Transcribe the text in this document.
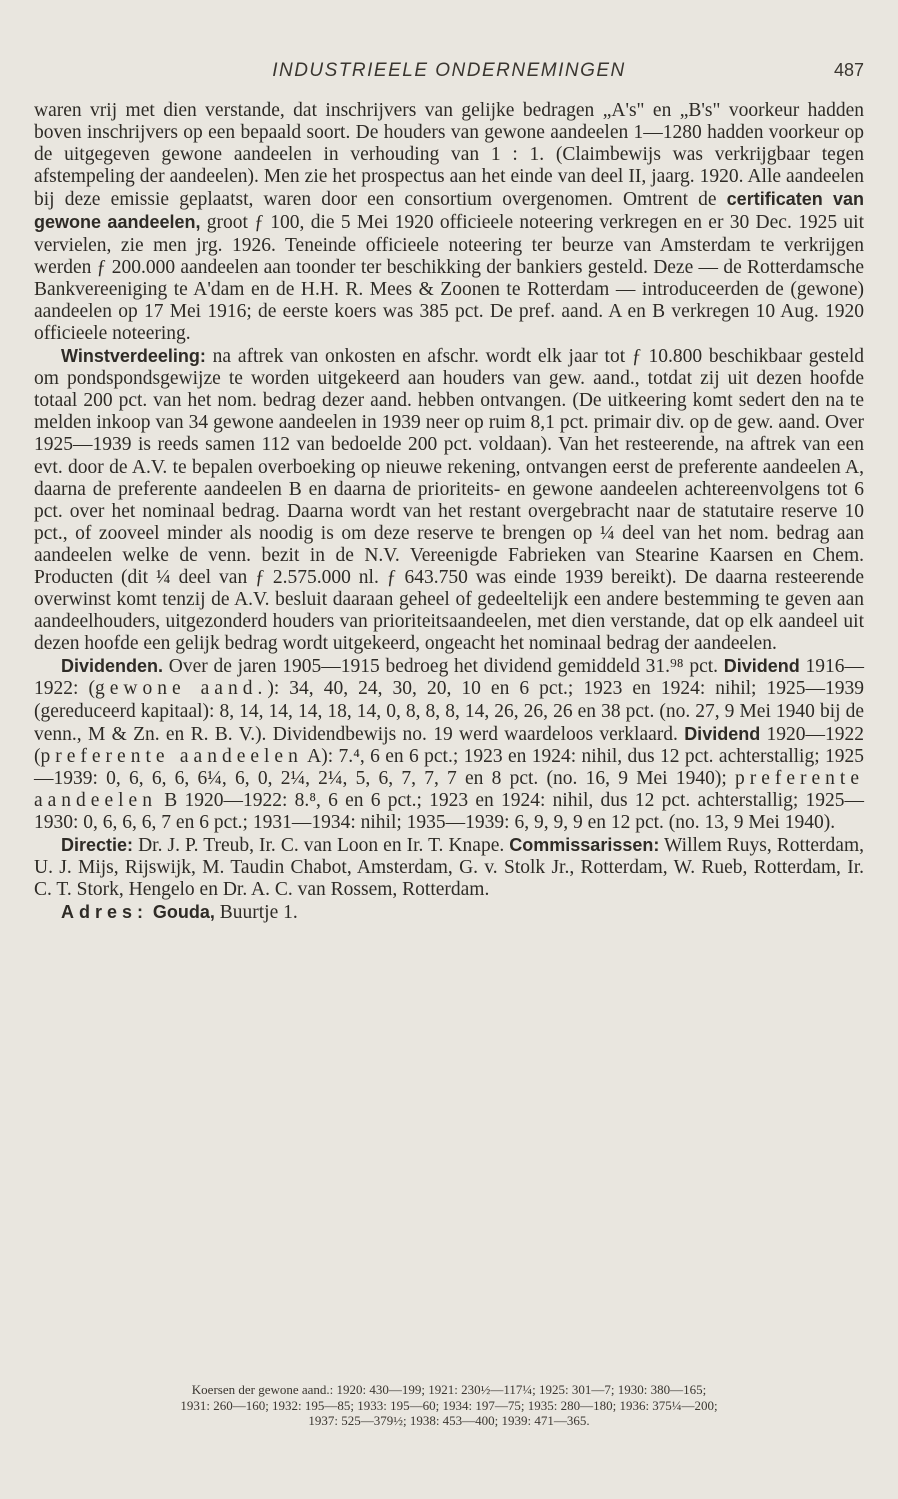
INDUSTRIEELE ONDERNEMINGEN	487

waren vrij met dien verstande, dat inschrijvers van gelijke bedragen „A's" en „B's" voorkeur hadden boven inschrijvers op een bepaald soort. De houders van gewone aandeelen 1—1280 hadden voorkeur op de uitgegeven gewone aandeelen in verhouding van 1 : 1. (Claimbewijs was verkrijgbaar tegen afstempeling der aandeelen). Men zie het prospectus aan het einde van deel II, jaarg. 1920. Alle aandeelen bij deze emissie geplaatst, waren door een consortium overgenomen. Omtrent de certificaten van gewone aandeelen, groot ƒ 100, die 5 Mei 1920 officieele noteering verkregen en er 30 Dec. 1925 uit vervielen, zie men jrg. 1926. Teneinde officieele noteering ter beurze van Amsterdam te verkrijgen werden ƒ 200.000 aandeelen aan toonder ter beschikking der bankiers gesteld. Deze — de Rotterdamsche Bankvereeniging te A'dam en de H.H. R. Mees & Zoonen te Rotterdam — introduceerden de (gewone) aandeelen op 17 Mei 1916; de eerste koers was 385 pct. De pref. aand. A en B verkregen 10 Aug. 1920 officieele noteering.

Winstverdeeling: na aftrek van onkosten en afschr. wordt elk jaar tot ƒ 10.800 beschikbaar gesteld om pondspondsgewijze te worden uitgekeerd aan houders van gew. aand., totdat zij uit dezen hoofde totaal 200 pct. van het nom. bedrag dezer aand. hebben ontvangen. (De uitkeering komt sedert den na te melden inkoop van 34 gewone aandeelen in 1939 neer op ruim 8,1 pct. primair div. op de gew. aand. Over 1925—1939 is reeds samen 112 van bedoelde 200 pct. voldaan). Van het resteerende, na aftrek van een evt. door de A.V. te bepalen overboeking op nieuwe rekening, ontvangen eerst de preferente aandeelen A, daarna de preferente aandeelen B en daarna de prioriteits- en gewone aandeelen achtereenvolgens tot 6 pct. over het nominaal bedrag. Daarna wordt van het restant overgebracht naar de statutaire reserve 10 pct., of zooveel minder als noodig is om deze reserve te brengen op ¼ deel van het nom. bedrag aan aandeelen welke de venn. bezit in de N.V. Vereenigde Fabrieken van Stearine Kaarsen en Chem. Producten (dit ¼ deel van ƒ 2.575.000 nl. ƒ 643.750 was einde 1939 bereikt). De daarna resteerende overwinst komt tenzij de A.V. besluit daaraan geheel of gedeeltelijk een andere bestemming te geven aan aandeelhouders, uitgezonderd houders van prioriteitsaandeelen, met dien verstande, dat op elk aandeel uit dezen hoofde een gelijk bedrag wordt uitgekeerd, ongeacht het nominaal bedrag der aandeelen.

Dividenden. Over de jaren 1905—1915 bedroeg het dividend gemiddeld 31.⁹⁸ pct. Dividend 1916—1922: (gewone aand.): 34, 40, 24, 30, 20, 10 en 6 pct.; 1923 en 1924: nihil; 1925—1939 (gereduceerd kapitaal): 8, 14, 14, 14, 18, 14, 0, 8, 8, 8, 14, 26, 26, 26 en 38 pct. (no. 27, 9 Mei 1940 bij de venn., M & Zn. en R. B. V.). Dividendbewijs no. 19 werd waardeloos verklaard. Dividend 1920—1922 (preferente aandeelen A): 7.⁴, 6 en 6 pct.; 1923 en 1924: nihil, dus 12 pct. achterstallig; 1925—1939: 0, 6, 6, 6, 6¼, 6, 0, 2¼, 2¼, 5, 6, 7, 7, 7 en 8 pct. (no. 16, 9 Mei 1940); preferente aandeelen B 1920—1922: 8.⁸, 6 en 6 pct.; 1923 en 1924: nihil, dus 12 pct. achterstallig; 1925—1930: 0, 6, 6, 6, 7 en 6 pct.; 1931—1934: nihil; 1935—1939: 6, 9, 9, 9 en 12 pct. (no. 13, 9 Mei 1940).

Directie: Dr. J. P. Treub, Ir. C. van Loon en Ir. T. Knape. Commissarissen: Willem Ruys, Rotterdam, U. J. Mijs, Rijswijk, M. Taudin Chabot, Amsterdam, G. v. Stolk Jr., Rotterdam, W. Rueb, Rotterdam, Ir. C. T. Stork, Hengelo en Dr. A. C. van Rossem, Rotterdam.

Adres: Gouda, Buurtje 1.

Koersen der gewone aand.: 1920: 430—199; 1921: 230½—117¼; 1925: 301—7; 1930: 380—165;
1931: 260—160; 1932: 195—85; 1933: 195—60; 1934: 197—75; 1935: 280—180; 1936: 375¼—200;
1937: 525—379½; 1938: 453—400; 1939: 471—365.
